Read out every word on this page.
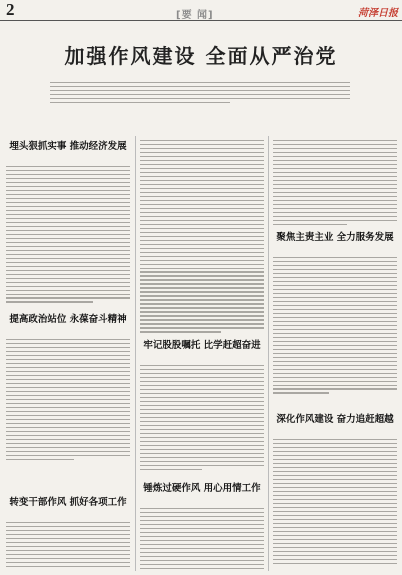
2	[要 闻]	菏泽日报
加强作风建设 全面从严治党
埋头狠抓实事 推动经济发展
提高政治站位 永葆奋斗精神
转变干部作风 抓好各项工作
牢记股股嘱托 比学赶超奋进
锤炼过硬作风 用心用情工作
聚焦主责主业 全力服务发展
深化作风建设 奋力追赶超越
